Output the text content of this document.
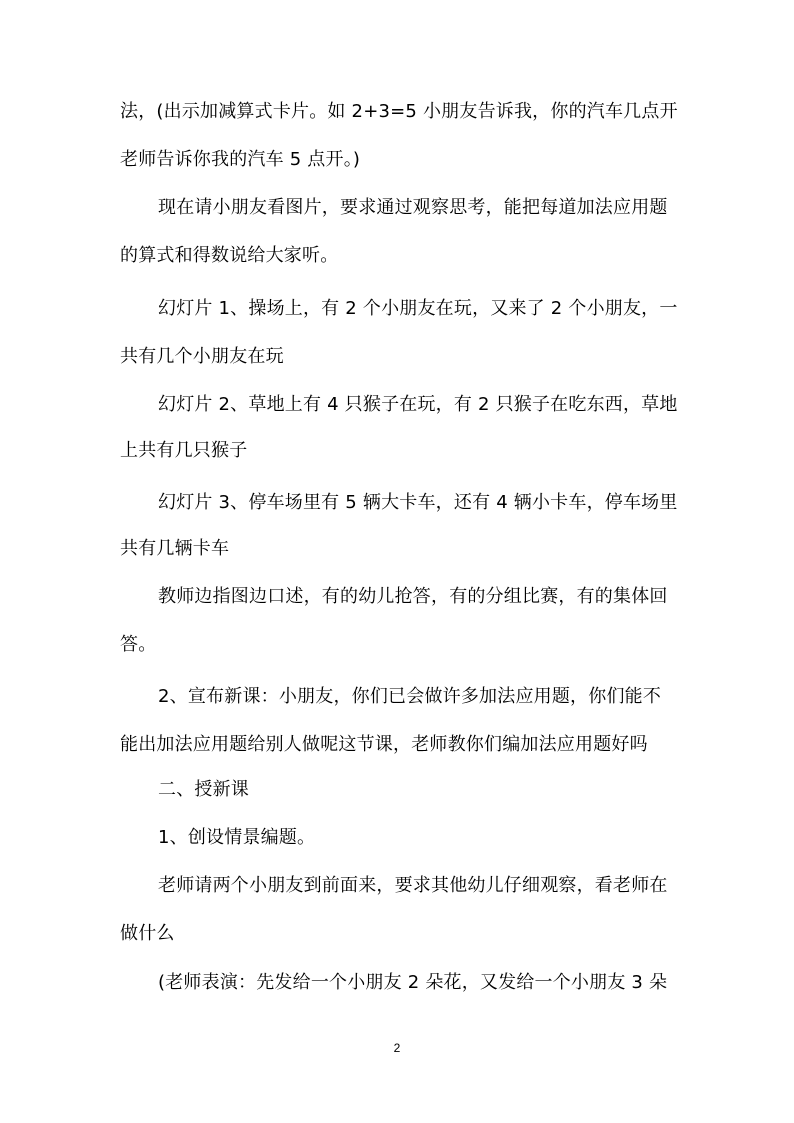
法，(出示加减算式卡片。如 2+3=5 小朋友告诉我，你的汽车几点开
老师告诉你我的汽车 5 点开。)
现在请小朋友看图片，要求通过观察思考，能把每道加法应用题
的算式和得数说给大家听。
幻灯片 1、操场上，有 2 个小朋友在玩，又来了 2 个小朋友，一
共有几个小朋友在玩
幻灯片 2、草地上有 4 只猴子在玩，有 2 只猴子在吃东西，草地
上共有几只猴子
幻灯片 3、停车场里有 5 辆大卡车，还有 4 辆小卡车，停车场里
共有几辆卡车
教师边指图边口述，有的幼儿抢答，有的分组比赛，有的集体回
答。
2、宣布新课：小朋友，你们已会做许多加法应用题，你们能不
能出加法应用题给别人做呢这节课，老师教你们编加法应用题好吗
二、授新课
1、创设情景编题。
老师请两个小朋友到前面来，要求其他幼儿仔细观察，看老师在
做什么
(老师表演：先发给一个小朋友 2 朵花，又发给一个小朋友 3 朵
2
